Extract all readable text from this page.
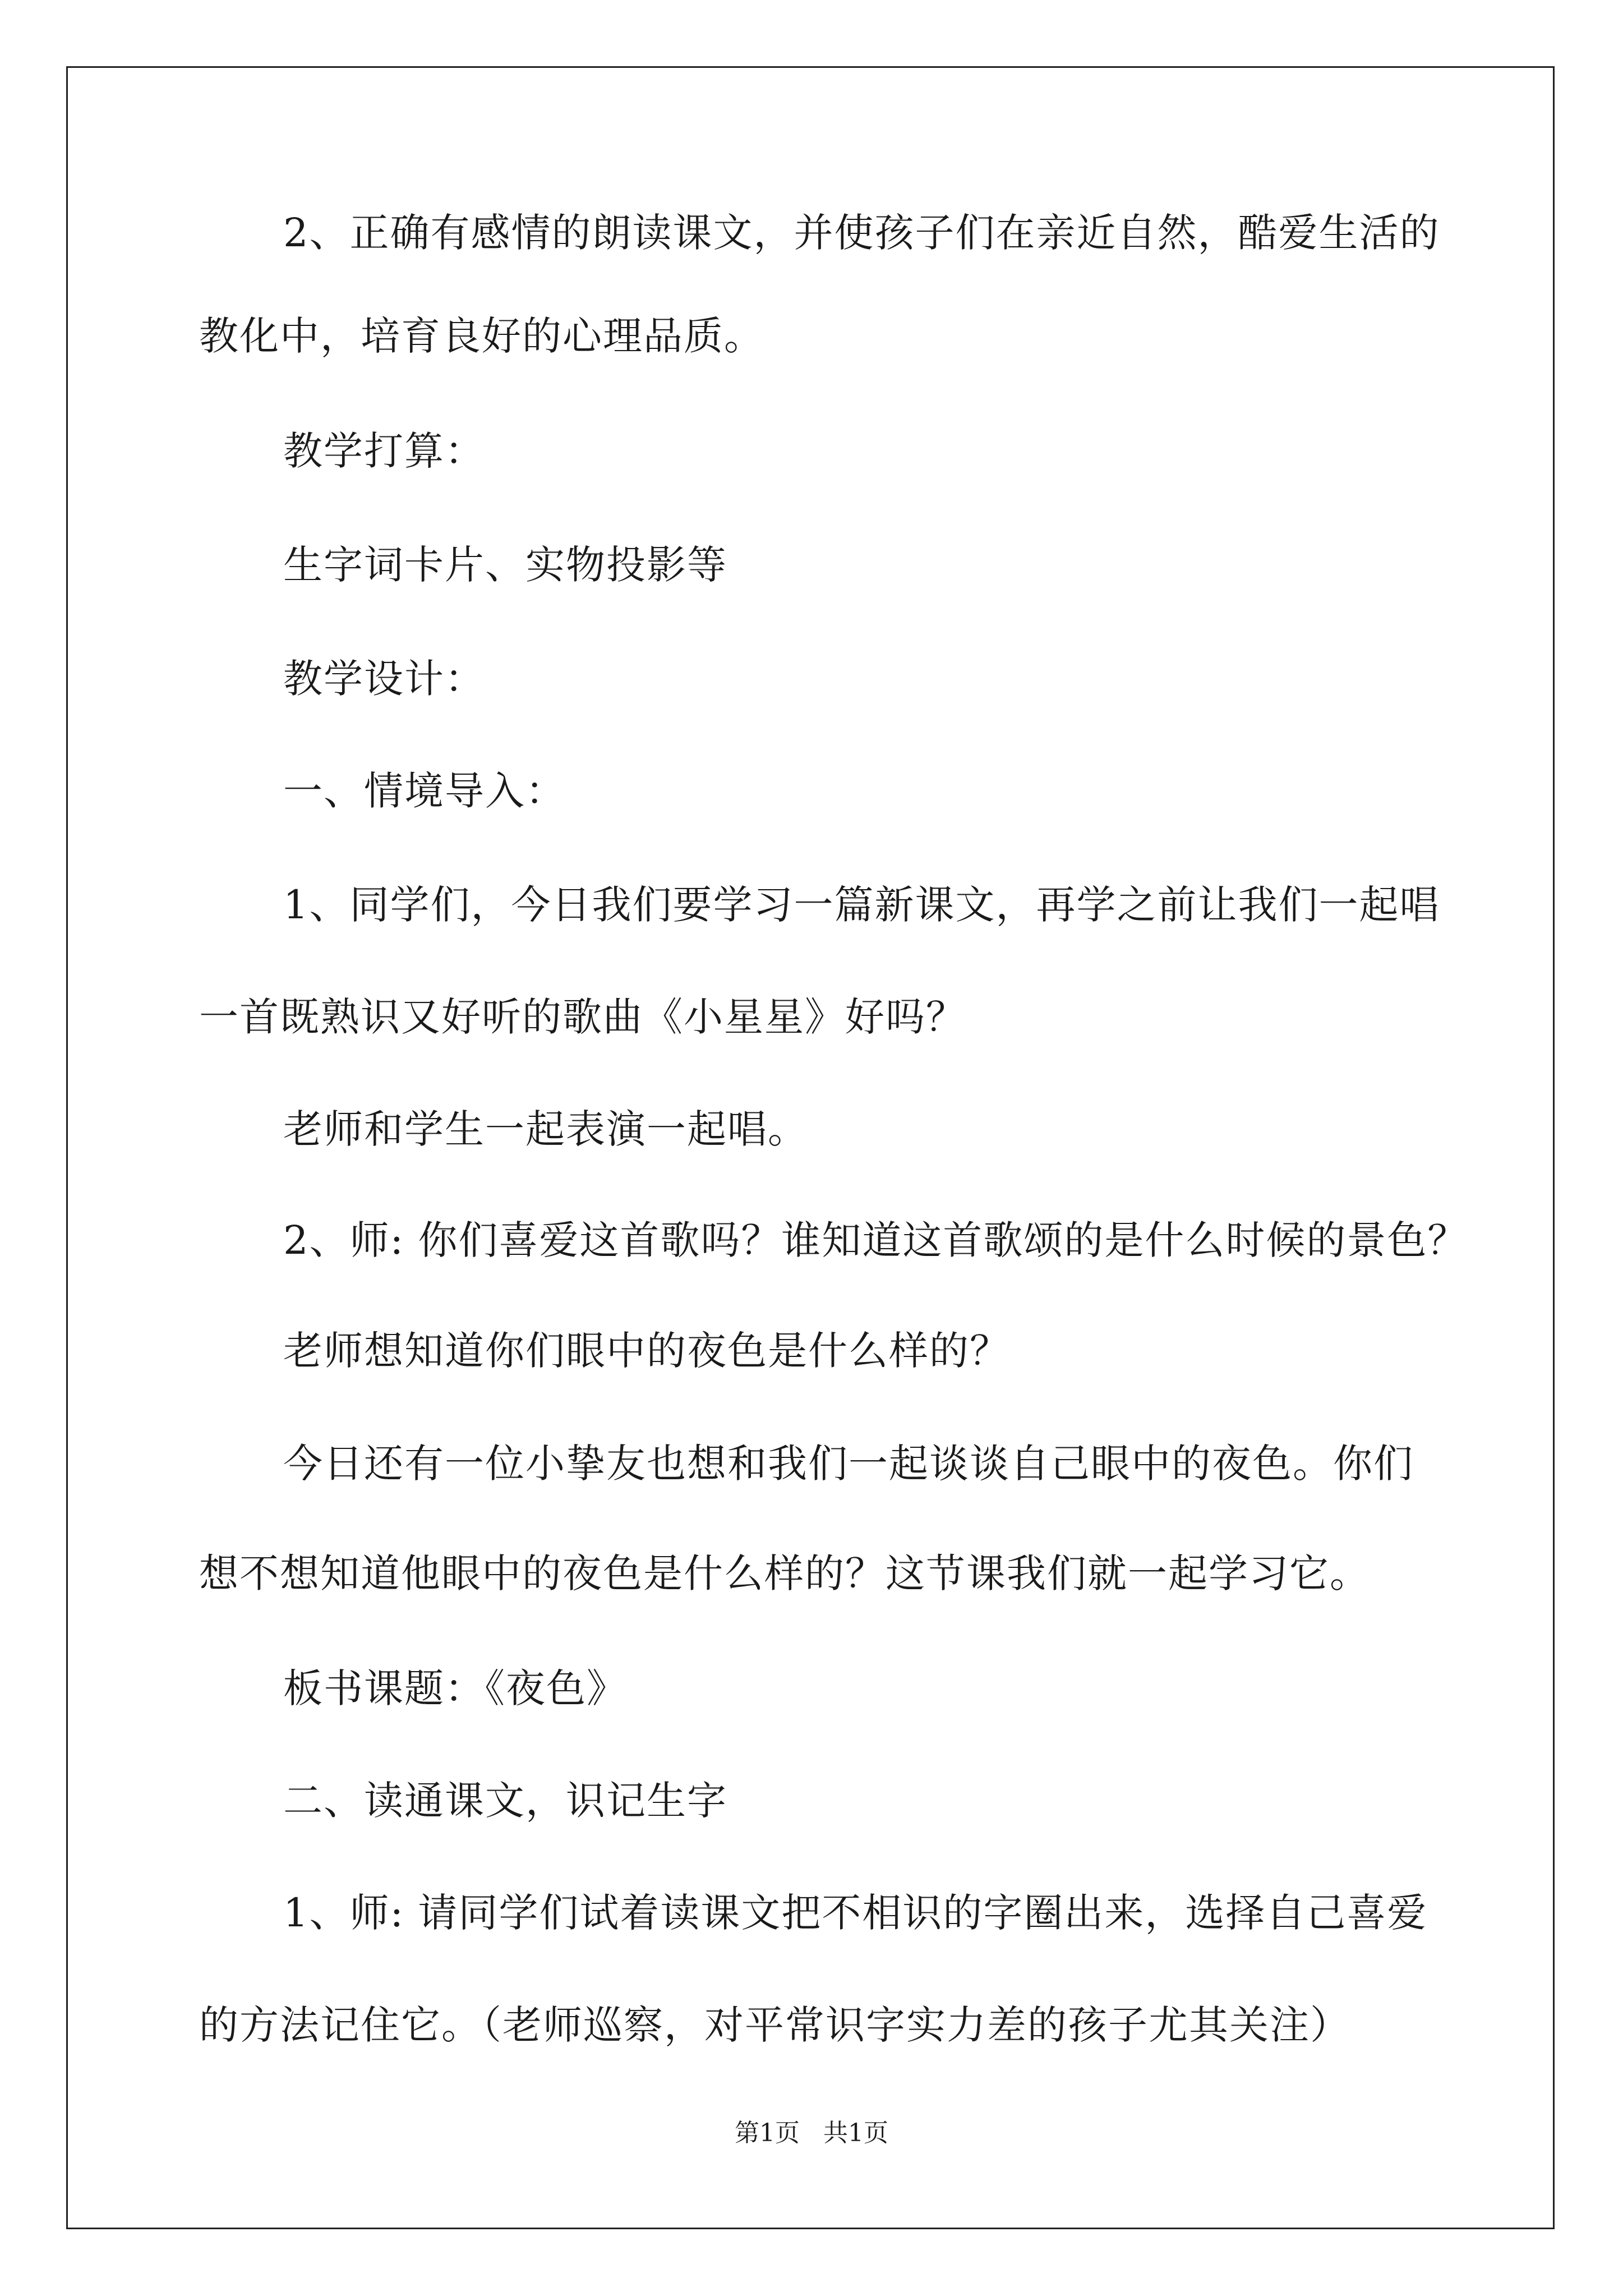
2、正确有感情的朗读课文，并使孩子们在亲近自然，酷爱生活的

教化中，培育良好的心理品质。

教学打算：

生字词卡片、实物投影等

教学设计：

一、情境导入：

1、同学们，今日我们要学习一篇新课文，再学之前让我们一起唱

一首既熟识又好听的歌曲《小星星》好吗？

老师和学生一起表演一起唱。

2、师: 你们喜爱这首歌吗？谁知道这首歌颂的是什么时候的景色？

老师想知道你们眼中的夜色是什么样的？

今日还有一位小挚友也想和我们一起谈谈自己眼中的夜色。你们

想不想知道他眼中的夜色是什么样的？这节课我们就一起学习它。

板书课题：《夜色》

二、读通课文，识记生字

1、师: 请同学们试着读课文把不相识的字圈出来，选择自己喜爱

的方法记住它。（老师巡察，对平常识字实力差的孩子尤其关注）

第1页 共1页
